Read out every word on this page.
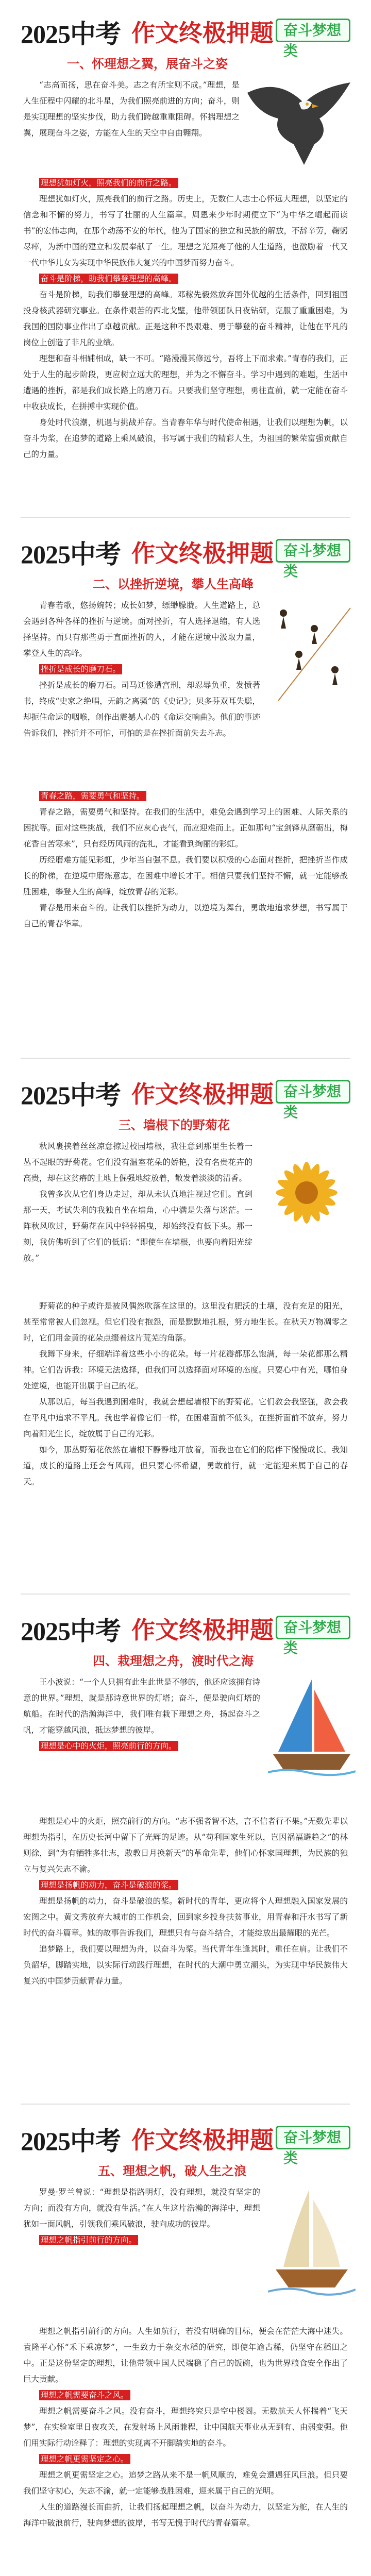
2025中考 作文终极押题 奋斗梦想类
一、怀理想之翼，展奋斗之姿

“志高而扬，思在奋斗美。志之有所宝则不成。”理想，是人生征程中闪耀的北斗星，为我们照亮前进的方向；奋斗，则是实现理想的坚实步伐，助力我们跨越重重阻碍。怀揣理想之翼，展现奋斗之姿，方能在人生的天空中自由翱翔。

理想犹如灯火，照亮我们的前行之路。

理想犹如灯火，照亮我们的前行之路。历史上，无数仁人志士心怀远大理想，以坚定的信念和不懈的努力，书写了壮丽的人生篇章。周恩来少年时期便立下“为中华之崛起而读书”的宏伟志向，在那个动荡不安的年代，他为了国家的独立和民族的解放，不辞辛劳，鞠躬尽瘁，为新中国的建立和发展奉献了一生。理想之光照亮了他的人生道路，也激励着一代又一代中华儿女为实现中华民族伟大复兴的中国梦而努力奋斗。

奋斗是阶梯，助我们攀登理想的高峰。

奋斗是阶梯，助我们攀登理想的高峰。邓稼先毅然放弃国外优越的生活条件，回到祖国投身核武器研究事业。在条件艰苦的西北戈壁，他带领团队日夜钻研，克服了重重困难，为我国的国防事业作出了卓越贡献。正是这种不畏艰难、勇于攀登的奋斗精神，让他在平凡的岗位上创造了非凡的业绩。

理想和奋斗相辅相成，缺一不可。“路漫漫其修远兮，吾将上下而求索。”青春的我们，正处于人生的起步阶段，更应树立远大的理想，并为之不懈奋斗。学习中遇到的难题，生活中遭遇的挫折，都是我们成长路上的磨刀石。只要我们坚守理想，勇往直前，就一定能在奋斗中收获成长，在拼搏中实现价值。

身处时代浪潮，机遇与挑战并存。当青春年华与时代使命相遇，让我们以理想为帆，以奋斗为桨，在追梦的道路上乘风破浪，书写属于我们的精彩人生，为祖国的繁荣富强贡献自己的力量。

2025中考 作文终极押题 奋斗梦想类
二、以挫折逆境，攀人生高峰

青春若歌，悠扬婉转；成长如梦，缥缈朦胧。人生道路上，总会遇到各种各样的挫折与逆境。面对挫折，有人选择退缩，有人选择坚持。而只有那些勇于直面挫折的人，才能在逆境中汲取力量，攀登人生的高峰。

挫折是成长的磨刀石。

挫折是成长的磨刀石。司马迁惨遭宫刑，却忍辱负重，发愤著书，终成“史家之绝唱，无韵之离骚”的《史记》；贝多芬双耳失聪，却扼住命运的咽喉，创作出震撼人心的《命运交响曲》。他们的事迹告诉我们，挫折并不可怕，可怕的是在挫折面前失去斗志。

青春之路，需要勇气和坚持。

青春之路，需要勇气和坚持。在我们的生活中，难免会遇到学习上的困难、人际关系的困扰等。面对这些挑战，我们不应灰心丧气，而应迎难而上。正如那句“宝剑锋从磨砺出，梅花香自苦寒来”，只有经历风雨的洗礼，才能看到绚丽的彩虹。

历经磨难方能见彩虹，少年当自强不息。我们要以积极的心态面对挫折，把挫折当作成长的阶梯，在逆境中磨炼意志，在困难中增长才干。相信只要我们坚持不懈，就一定能够战胜困难，攀登人生的高峰，绽放青春的光彩。

青春是用来奋斗的。让我们以挫折为动力，以逆境为舞台，勇敢地追求梦想，书写属于自己的青春华章。

2025中考 作文终极押题 奋斗梦想类
三、墙根下的野菊花

秋风裹挟着丝丝凉意掠过校园墙根，我注意到那里生长着一丛不起眼的野菊花。它们没有温室花朵的娇艳，没有名贵花卉的高贵，却在这贫瘠的土地上倔强地绽放着，散发着淡淡的清香。

我曾多次从它们身边走过，却从未认真地注视过它们。直到那一天，考试失利的我独自坐在墙角，心中满是失落与迷茫。一阵秋风吹过，野菊花在风中轻轻摇曳，却始终没有低下头。那一刻，我仿佛听到了它们的低语：“即使生在墙根，也要向着阳光绽放。”

野菊花的种子或许是被风偶然吹落在这里的。这里没有肥沃的土壤，没有充足的阳光，甚至常常被人们忽视。但它们没有抱怨，而是默默地扎根，努力地生长。在秋天万物凋零之时，它们用金黄的花朵点缀着这片荒芜的角落。

我蹲下身来，仔细端详着这些小小的花朵。每一片花瓣都那么饱满，每一朵花都那么精神。它们告诉我：环境无法选择，但我们可以选择面对环境的态度。只要心中有光，哪怕身处逆境，也能开出属于自己的花。

从那以后，每当我遇到困难时，我就会想起墙根下的野菊花。它们教会我坚强，教会我在平凡中追求不平凡。我也学着像它们一样，在困难面前不低头，在挫折面前不放弃，努力向着阳光生长，绽放属于自己的光彩。

如今，那丛野菊花依然在墙根下静静地开放着，而我也在它们的陪伴下慢慢成长。我知道，成长的道路上还会有风雨，但只要心怀希望，勇敢前行，就一定能迎来属于自己的春天。

2025中考 作文终极押题 奋斗梦想类
四、栽理想之舟，渡时代之海

王小波说：“一个人只拥有此生此世是不够的，他还应该拥有诗意的世界。”理想，就是那诗意世界的灯塔；奋斗，便是驶向灯塔的航船。在时代的浩瀚海洋中，我们唯有栽下理想之舟，扬起奋斗之帆，才能穿越风浪，抵达梦想的彼岸。

理想是心中的火炬，照亮前行的方向。

理想是心中的火炬，照亮前行的方向。“志不强者智不达，言不信者行不果。”无数先辈以理想为指引，在历史长河中留下了光辉的足迹。从“苟利国家生死以，岂因祸福避趋之”的林则徐，到“为有牺牲多壮志，敢教日月换新天”的革命先辈，他们心怀家国理想，为民族的独立与复兴矢志不渝。

理想是扬帆的动力，奋斗是破浪的桨。

理想是扬帆的动力，奋斗是破浪的桨。新时代的青年，更应将个人理想融入国家发展的宏图之中。黄文秀放弃大城市的工作机会，回到家乡投身扶贫事业，用青春和汗水书写了新时代的奋斗篇章。她的故事告诉我们，理想只有与奋斗结合，才能绽放出最耀眼的光芒。

追梦路上，我们要以理想为舟，以奋斗为桨。当代青年生逢其时，重任在肩。让我们不负韶华，脚踏实地，以实际行动践行理想，在时代的大潮中勇立潮头，为实现中华民族伟大复兴的中国梦贡献青春力量。

2025中考 作文终极押题 奋斗梦想类
五、理想之帆，破人生之浪

罗曼·罗兰曾说：“理想是指路明灯，没有理想，就没有坚定的方向；而没有方向，就没有生活。”在人生这片浩瀚的海洋中，理想犹如一面风帆，引领我们乘风破浪，驶向成功的彼岸。

理想之帆指引前行的方向。

理想之帆指引前行的方向。人生如航行，若没有明确的目标，便会在茫茫大海中迷失。袁隆平心怀“禾下乘凉梦”，一生致力于杂交水稻的研究，即使年逾古稀，仍坚守在稻田之中。正是这份坚定的理想，让他带领中国人民端稳了自己的饭碗，也为世界粮食安全作出了巨大贡献。

理想之帆需要奋斗之风。

理想之帆需要奋斗之风。没有奋斗，理想终究只是空中楼阁。无数航天人怀揣着“飞天梦”，在实验室里日夜攻关，在发射场上风雨兼程，让中国航天事业从无到有、由弱变强。他们用实际行动诠释了：理想的实现离不开脚踏实地的奋斗。

理想之帆更需坚定之心。

理想之帆更需坚定之心。追梦之路从来不是一帆风顺的，难免会遭遇狂风巨浪。但只要我们坚守初心，矢志不渝，就一定能够战胜困难，迎来属于自己的光明。

人生的道路漫长而曲折，让我们扬起理想之帆，以奋斗为动力，以坚定为舵，在人生的海洋中破浪前行，驶向梦想的彼岸，书写无愧于时代的青春篇章。
